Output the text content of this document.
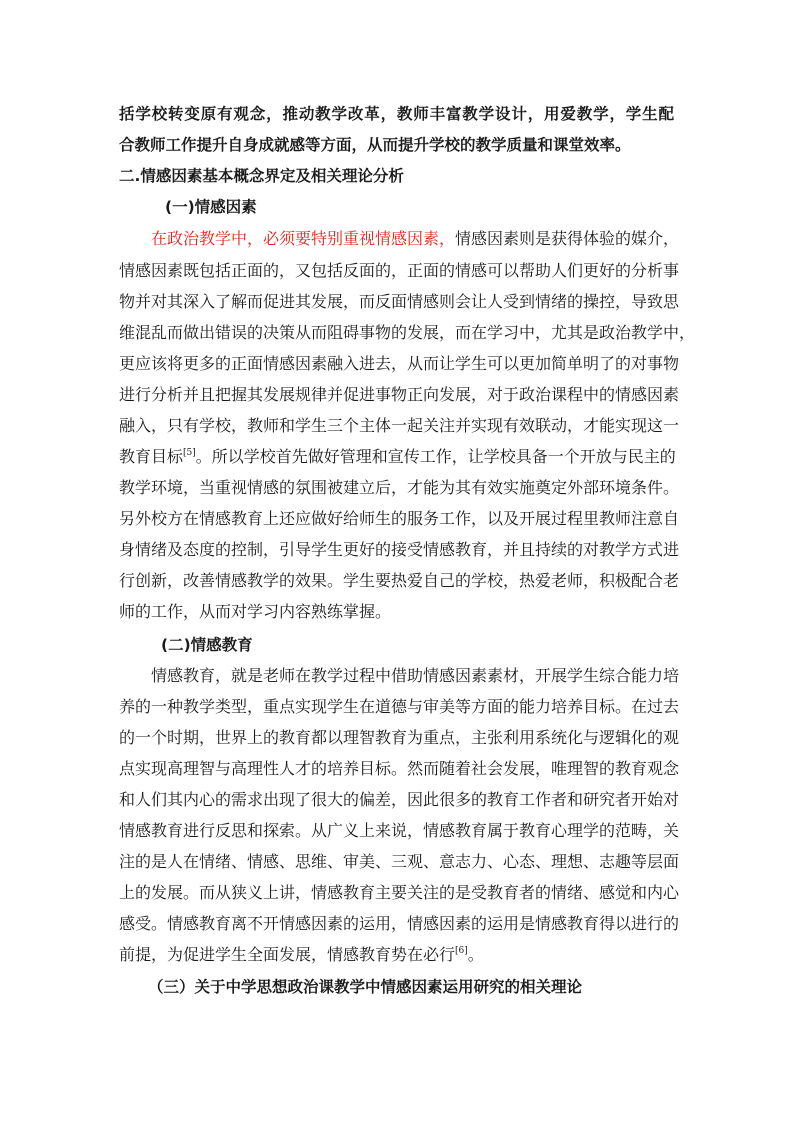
括学校转变原有观念，推动教学改革，教师丰富教学设计，用爱教学，学生配
合教师工作提升自身成就感等方面，从而提升学校的教学质量和课堂效率。
二.情感因素基本概念界定及相关理论分析
(一)情感因素
在政治教学中，必须要特别重视情感因素，情感因素则是获得体验的媒介，
情感因素既包括正面的，又包括反面的，正面的情感可以帮助人们更好的分析事
物并对其深入了解而促进其发展，而反面情感则会让人受到情绪的操控，导致思
维混乱而做出错误的决策从而阻碍事物的发展，而在学习中，尤其是政治教学中，
更应该将更多的正面情感因素融入进去，从而让学生可以更加简单明了的对事物
进行分析并且把握其发展规律并促进事物正向发展，对于政治课程中的情感因素
融入，只有学校，教师和学生三个主体一起关注并实现有效联动，才能实现这一
教育目标[5]。所以学校首先做好管理和宣传工作，让学校具备一个开放与民主的
教学环境，当重视情感的氛围被建立后，才能为其有效实施奠定外部环境条件。
另外校方在情感教育上还应做好给师生的服务工作，以及开展过程里教师注意自
身情绪及态度的控制，引导学生更好的接受情感教育，并且持续的对教学方式进
行创新，改善情感教学的效果。学生要热爱自己的学校，热爱老师，积极配合老
师的工作，从而对学习内容熟练掌握。
(二)情感教育
情感教育，就是老师在教学过程中借助情感因素素材，开展学生综合能力培
养的一种教学类型，重点实现学生在道德与审美等方面的能力培养目标。在过去
的一个时期，世界上的教育都以理智教育为重点，主张利用系统化与逻辑化的观
点实现高理智与高理性人才的培养目标。然而随着社会发展，唯理智的教育观念
和人们其内心的需求出现了很大的偏差，因此很多的教育工作者和研究者开始对
情感教育进行反思和探索。从广义上来说，情感教育属于教育心理学的范畴，关
注的是人在情绪、情感、思维、审美、三观、意志力、心态、理想、志趣等层面
上的发展。而从狭义上讲，情感教育主要关注的是受教育者的情绪、感觉和内心
感受。情感教育离不开情感因素的运用，情感因素的运用是情感教育得以进行的
前提，为促进学生全面发展，情感教育势在必行[6]。
（三）关于中学思想政治课教学中情感因素运用研究的相关理论
